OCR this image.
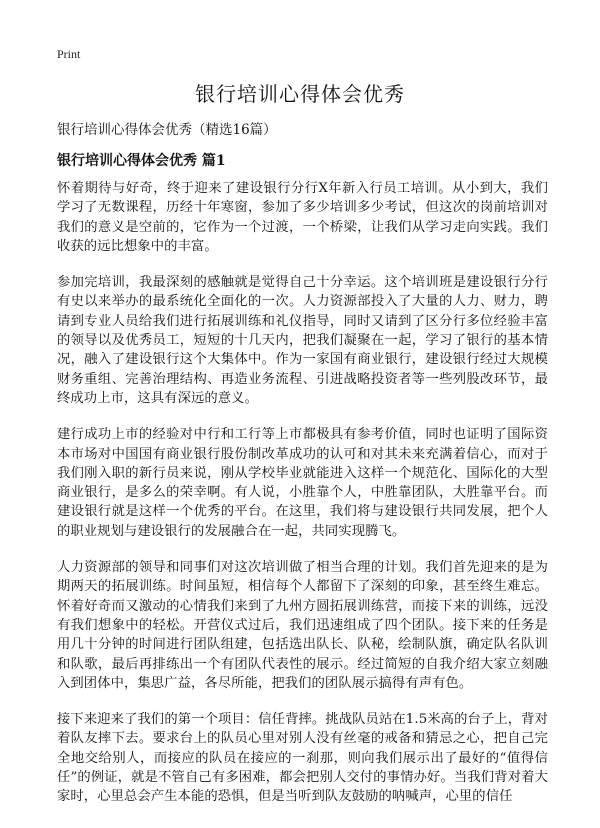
Print
银行培训心得体会优秀
银行培训心得体会优秀（精选16篇）
银行培训心得体会优秀 篇1

怀着期待与好奇，终于迎来了建设银行分行X年新入行员工培训。从小到大，我们学习了无数课程，历经十年寒窗，参加了多少培训多少考试，但这次的岗前培训对我们的意义是空前的，它作为一个过渡，一个桥梁，让我们从学习走向实践。我们收获的远比想象中的丰富。

参加完培训，我最深刻的感触就是觉得自己十分幸运。这个培训班是建设银行分行有史以来举办的最系统化全面化的一次。人力资源部投入了大量的人力、财力，聘请到专业人员给我们进行拓展训练和礼仪指导，同时又请到了区分行多位经验丰富的领导以及优秀员工，短短的十几天内，把我们凝聚在一起，学习了银行的基本情况，融入了建设银行这个大集体中。作为一家国有商业银行，建设银行经过大规模财务重组、完善治理结构、再造业务流程、引进战略投资者等一些列股改环节，最终成功上市，这具有深远的意义。

建行成功上市的经验对中行和工行等上市都极具有参考价值，同时也证明了国际资本市场对中国国有商业银行股份制改革成功的认可和对其未来充满着信心，而对于我们刚入职的新行员来说，刚从学校毕业就能进入这样一个规范化、国际化的大型商业银行，是多么的荣幸啊。有人说，小胜靠个人，中胜靠团队，大胜靠平台。而建设银行就是这样一个优秀的平台。在这里，我们将与建设银行共同发展，把个人的职业规划与建设银行的发展融合在一起，共同实现腾飞。

人力资源部的领导和同事们对这次培训做了相当合理的计划。我们首先迎来的是为期两天的拓展训练。时间虽短，相信每个人都留下了深刻的印象，甚至终生难忘。怀着好奇而又激动的心情我们来到了九州方圆拓展训练营，而接下来的训练，远没有我们想象中的轻松。开营仪式过后，我们迅速组成了四个团队。接下来的任务是用几十分钟的时间进行团队组建，包括选出队长、队秘，绘制队旗，确定队名队训和队歌，最后再排练出一个有团队代表性的展示。经过简短的自我介绍大家立刻融入到团体中，集思广益，各尽所能，把我们的团队展示搞得有声有色。

接下来迎来了我们的第一个项目：信任背摔。挑战队员站在1.5米高的台子上，背对着队友摔下去。要求台上的队员心里对别人没有丝毫的戒备和猜忌之心，把自己完全地交给别人，而接应的队员在接应的一刹那，则向我们展示出了最好的“值得信任”的例证，就是不管自己有多困难，都会把别人交付的事情办好。当我们背对着大家时，心里总会产生本能的恐惧，但是当听到队友鼓励的呐喊声，心里的信任
